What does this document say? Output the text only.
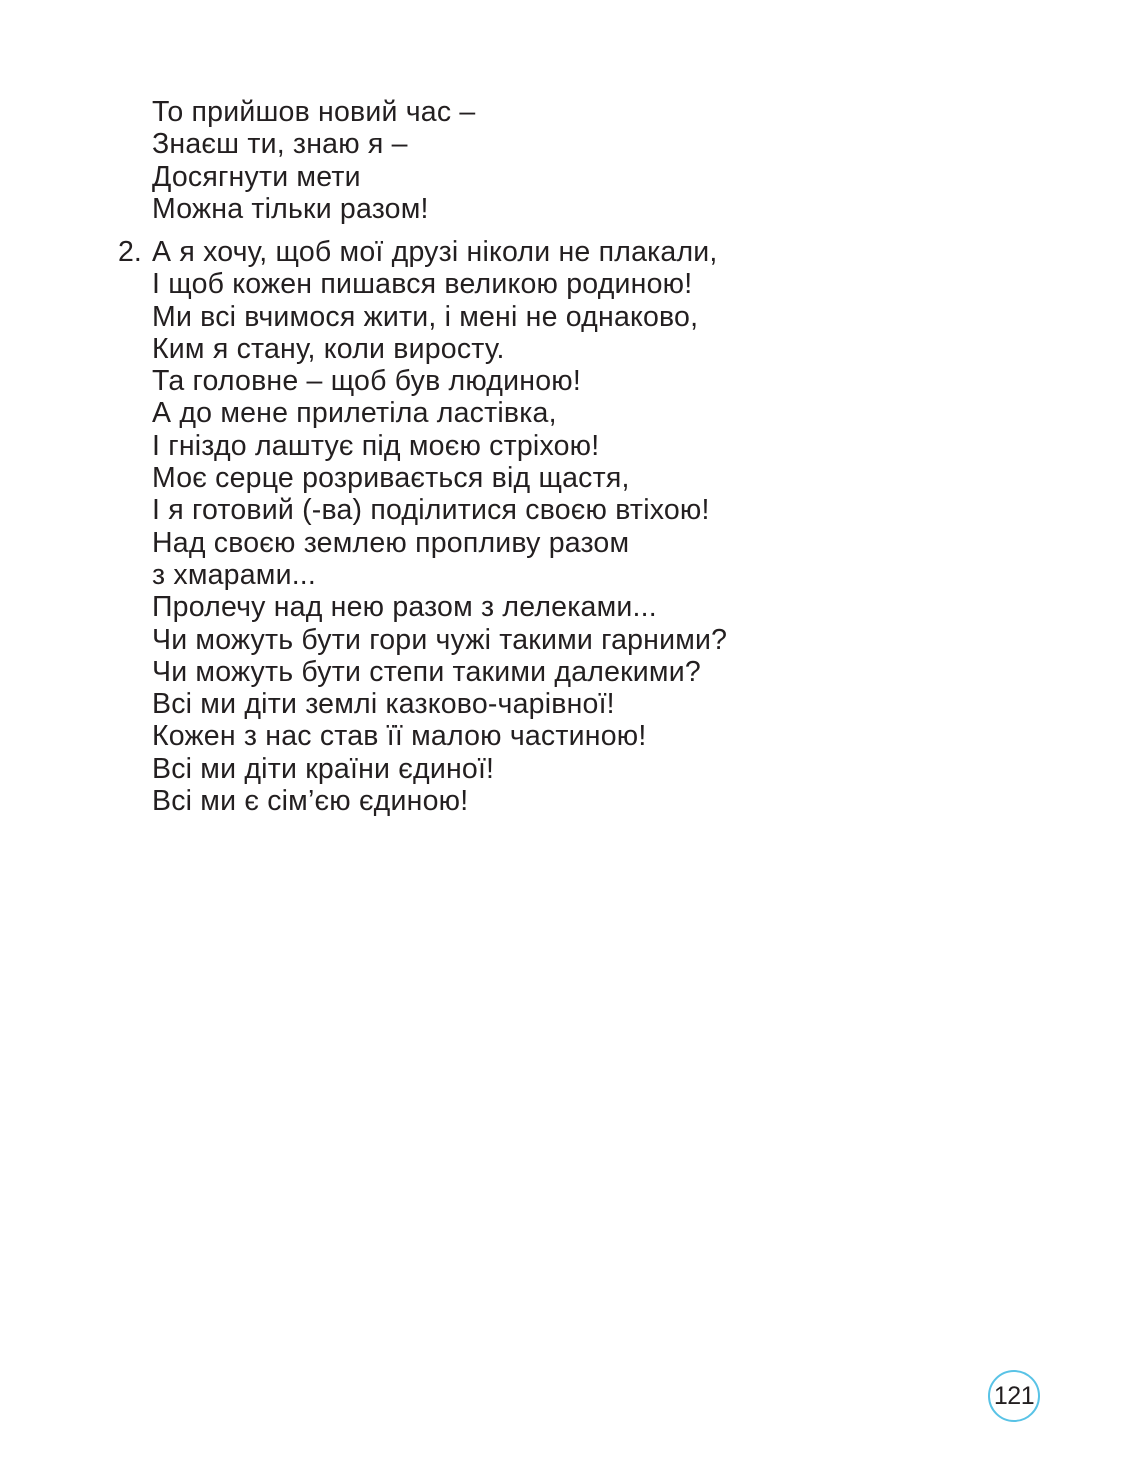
То прийшов новий час –
Знаєш ти, знаю я –
Досягнути мети
Можна тільки разом!
2. А я хочу, щоб мої друзі ніколи не плакали,
І щоб кожен пишався великою родиною!
Ми всі вчимося жити, і мені не однаково,
Ким я стану, коли виросту.
Та головне – щоб був людиною!
А до мене прилетіла ластівка,
І гніздо лаштує під моєю стріхою!
Моє серце розривається від щастя,
І я готовий (-ва) поділитися своєю втіхою!
Над своєю землею пропливу разом
з хмарами...
Пролечу над нею разом з лелеками...
Чи можуть бути гори чужі такими гарними?
Чи можуть бути степи такими далекими?
Всі ми діти землі казково-чарівної!
Кожен з нас став її малою частиною!
Всі ми діти країни єдиної!
Всі ми є сім’єю єдиною!
121
